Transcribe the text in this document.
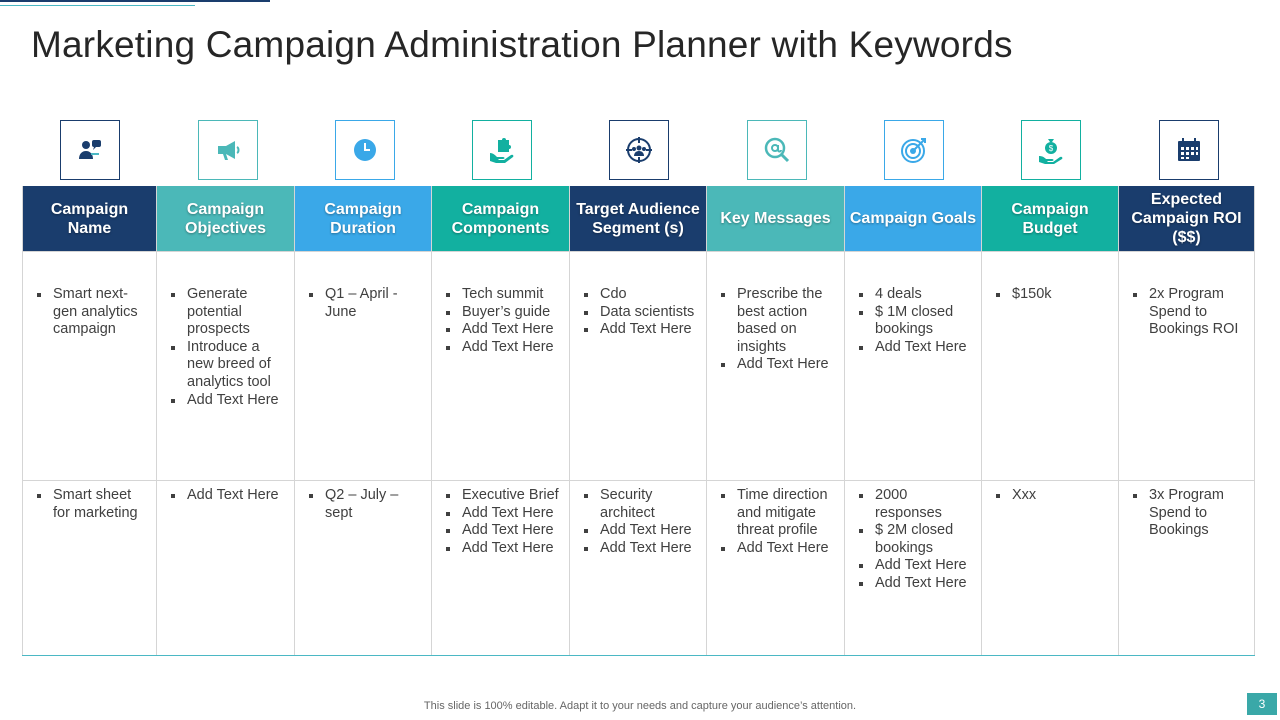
Marketing Campaign Administration Planner with Keywords
$
Campaign Name
Smart next-gen analytics campaign
Smart sheet for marketing
Campaign Objectives
Generate potential prospects
Introduce a new breed of analytics tool
Add Text Here
Add Text Here
Campaign Duration
Q1 – April - June
Q2 – July – sept
Campaign Components
Tech summit
Buyer’s guide
Add Text Here
Add Text Here
Executive Brief
Add Text Here
Add Text Here
Add Text Here
Target Audience Segment (s)
Cdo
Data scientists
Add Text Here
Security architect
Add Text Here
Add Text Here
Key Messages
Prescribe the best action based on insights
Add Text Here
Time direction and mitigate threat profile
Add Text Here
Campaign Goals
4 deals
$ 1M closed bookings
Add Text Here
2000 responses
$ 2M closed bookings
Add Text Here
Add Text Here
Campaign Budget
$150k
Xxx
Expected Campaign ROI ($$)
2x Program Spend to Bookings ROI
3x Program Spend to Bookings
This slide is 100% editable. Adapt it to your needs and capture your audience’s attention.	3
